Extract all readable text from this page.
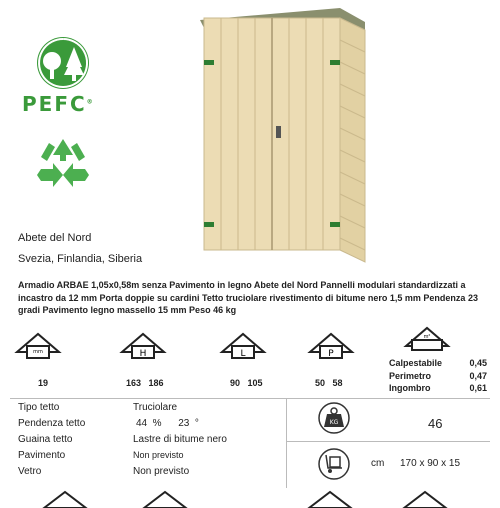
PEFC®
Abete del Nord
Svezia, Finlandia, Siberia
Armadio ARBAE 1,05x0,58m senza Pavimento in legno Abete del Nord Pannelli modulari standardizzati a incastro da 12 mm Porta doppie su cardini Tetto truciolare rivestimento di bitume nero 1,5 mm Pendenza 23 gradi Pavimento legno massello 15 mm Peso 46 kg
mm	H	L	P
m²
19	163   186	90   105	50   58
Calpestabile	0,45
Perimetro	0,47
Ingombro	0,61
Tipo tetto	Truciolare
Pendenza tetto	44  %      23  °
Guaina tetto	Lastre di bitume nero
Pavimento	Non previsto
Vetro	Non previsto
KG	46
cm 170 x 90 x 15
